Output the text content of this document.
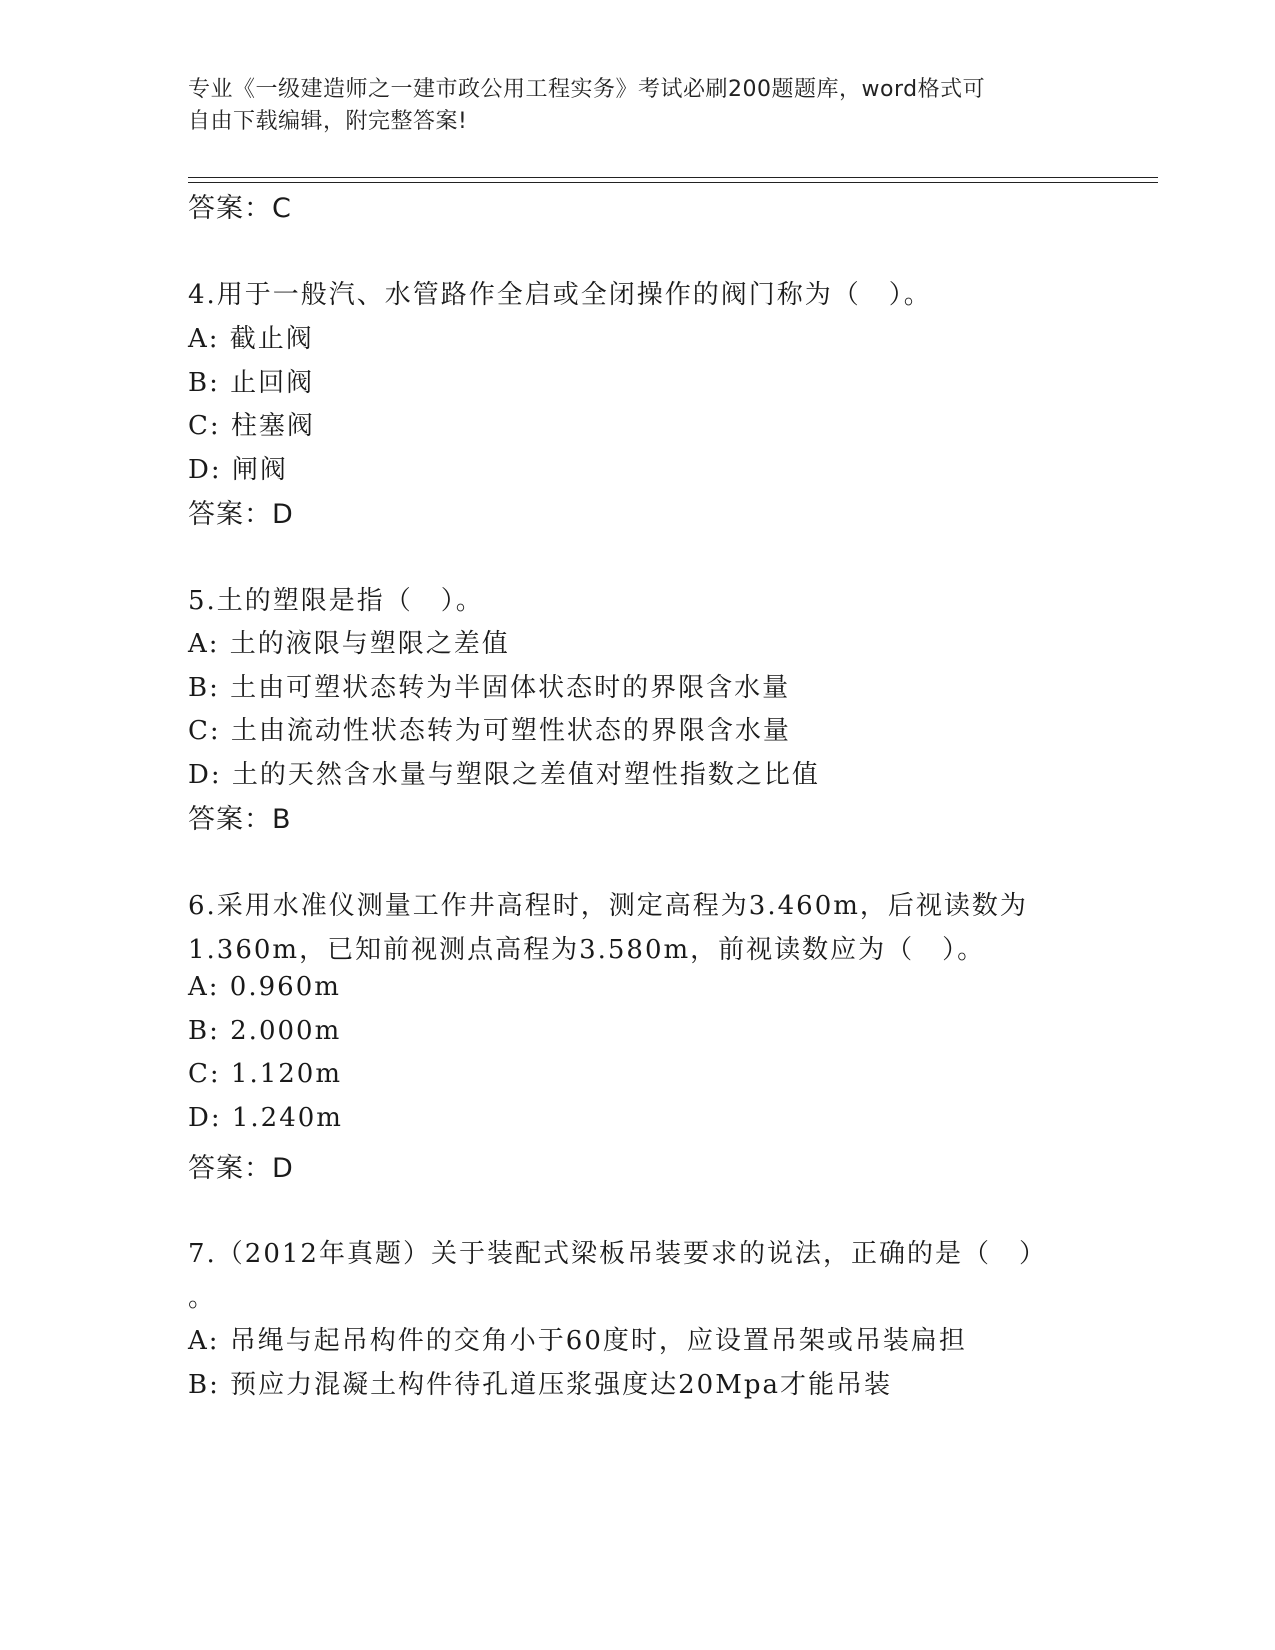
专业《一级建造师之一建市政公用工程实务》考试必刷200题题库，word格式可
自由下载编辑，附完整答案!
答案：C
4.用于一般汽、水管路作全启或全闭操作的阀门称为（　）。
A: 截止阀
B: 止回阀
C: 柱塞阀
D: 闸阀
答案：D
5.土的塑限是指（　）。
A: 土的液限与塑限之差值
B: 土由可塑状态转为半固体状态时的界限含水量
C: 土由流动性状态转为可塑性状态的界限含水量
D: 土的天然含水量与塑限之差值对塑性指数之比值
答案：B
6.采用水准仪测量工作井高程时，测定高程为3.460m，后视读数为
1.360m，已知前视测点高程为3.580m，前视读数应为（　）。
A: 0.960m
B: 2.000m
C: 1.120m
D: 1.240m
答案：D
7.（2012年真题）关于装配式梁板吊装要求的说法，正确的是（　）
。
A: 吊绳与起吊构件的交角小于60度时，应设置吊架或吊装扁担
B: 预应力混凝土构件待孔道压浆强度达20Mpa才能吊装
